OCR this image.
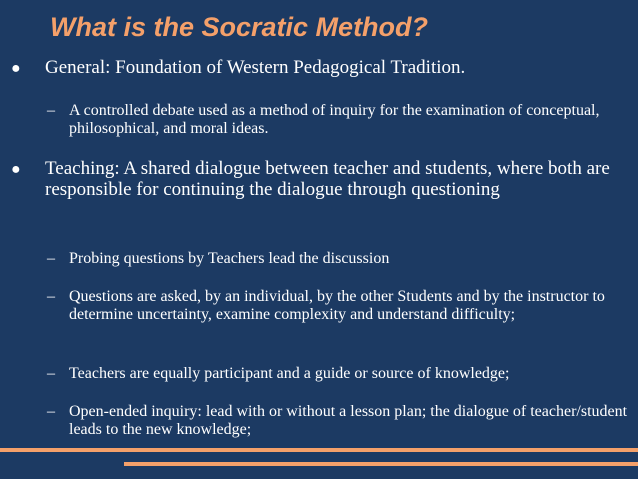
What is the Socratic Method?
● General: Foundation of Western Pedagogical Tradition.
– A controlled debate used as a method of inquiry for the examination of conceptual, philosophical, and moral ideas.
● Teaching: A shared dialogue between teacher and students, where both are responsible for continuing the dialogue through questioning
– Probing questions by Teachers lead the discussion
– Questions are asked, by an individual, by the other Students and by the instructor to determine uncertainty, examine complexity and understand difficulty;
– Teachers are equally participant and a guide or source of knowledge;
– Open-ended inquiry: lead with or without a lesson plan; the dialogue of teacher/student leads to the new knowledge;
